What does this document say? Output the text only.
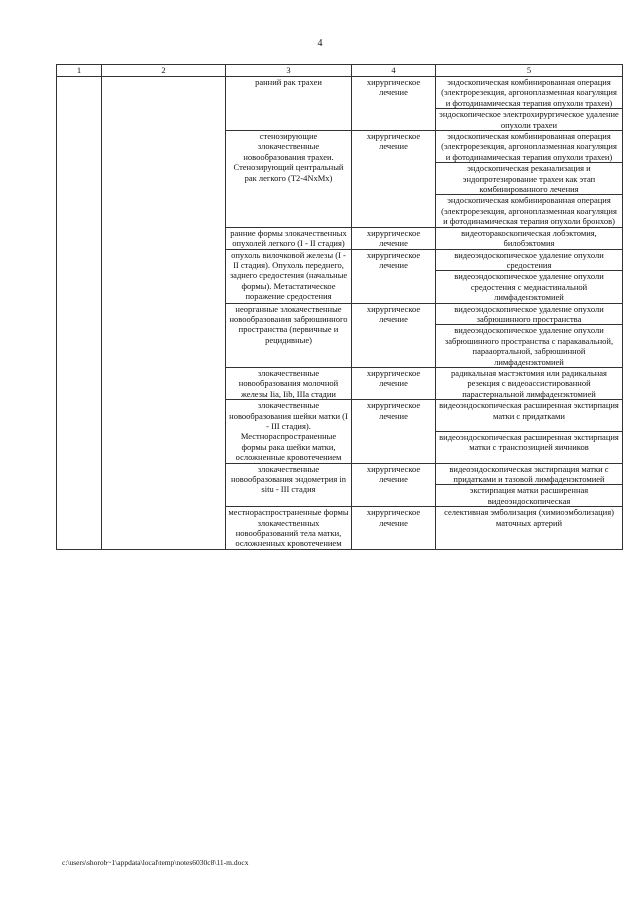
4
1	2	3	4	5
		ранний рак трахеи	хирургическое лечение	эндоскопическая комбинированная операция (электрорезекция, аргоноплазменная коагуляция и фотодинамическая терапия опухоли трахеи)
				эндоскопическое электрохирургическое удаление опухоли трахеи
		стенозирующие злокачественные новообразования трахеи. Стенозирующий центральный рак легкого (T2-4NxMx)	хирургическое лечение	эндоскопическая комбинированная операция (электрорезекция, аргоноплазменная коагуляция и фотодинамическая терапия опухоли трахеи)
				эндоскопическая реканализация и эндопротезирование трахеи как этап комбинированного лечения
				эндоскопическая комбинированная операция (электрорезекция, аргоноплазменная коагуляция и фотодинамическая терапия опухоли бронхов)
		ранние формы злокачественных опухолей легкого (I - II стадия)	хирургическое лечение	видеоторакоскопическая лобэктомия, билобэктомия
		опухоль вилочковой железы (I - II стадия). Опухоль переднего, заднего средостения (начальные формы). Метастатическое поражение средостения	хирургическое лечение	видеоэндоскопическое удаление опухоли средостения
				видеоэндоскопическое удаление опухоли средостения с медиастинальной лимфаденэктомией
		неорганные злокачественные новообразования забрюшинного пространства (первичные и рецидивные)	хирургическое лечение	видеоэндоскопическое удаление опухоли забрюшинного пространства
				видеоэндоскопическое удаление опухоли забрюшинного пространства с паракавальной, парааортальной, забрюшинной лимфаденэктомией
		злокачественные новообразования молочной железы Iia, Iib, IIIa стадии	хирургическое лечение	радикальная мастэктомия или радикальная резекция с видеоассистированной парастернальной лимфаденэктомией
		злокачественные новообразования шейки матки (I - III стадия). Местнораспространенные формы рака шейки матки, осложненные кровотечением	хирургическое лечение	видеоэндоскопическая расширенная экстирпация матки с придатками
				видеоэндоскопическая расширенная экстирпация матки с транспозицией яичников
		злокачественные новообразования эндометрия in situ - III стадия	хирургическое лечение	видеоэндоскопическая экстирпация матки с придатками и тазовой лимфаденэктомией
				экстирпация матки расширенная видеоэндоскопическая
		местнораспространенные формы злокачественных новообразований тела матки, осложненных кровотечением	хирургическое лечение	селективная эмболизация (химиоэмболизация) маточных артерий
c:\users\shorob~1\appdata\local\temp\notes6030c8\11-m.docx
